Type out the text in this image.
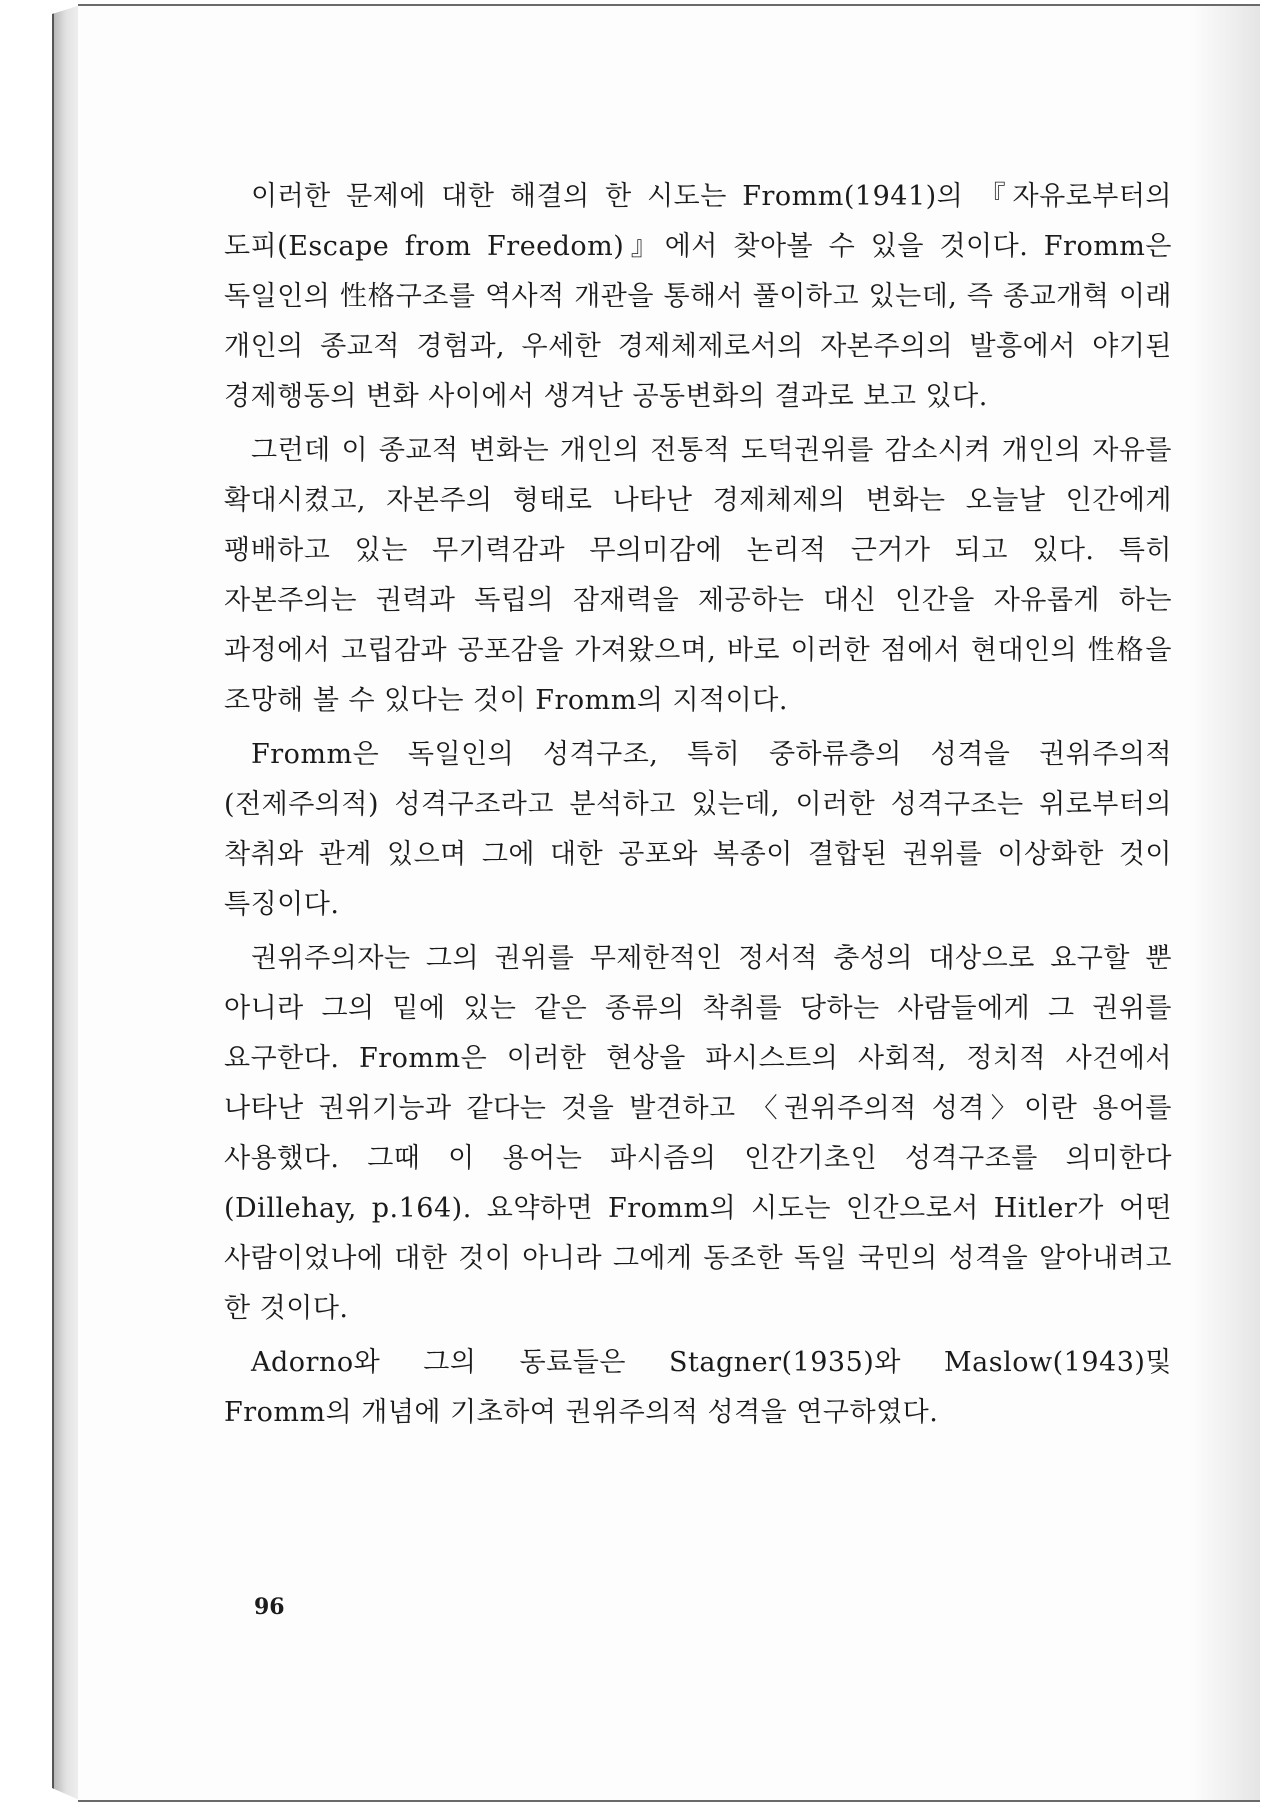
이러한 문제에 대한 해결의 한 시도는 Fromm(1941)의 『자유로부터의 도피(Escape from Freedom)』에서 찾아볼 수 있을 것이다. Fromm은 독일인의 性格구조를 역사적 개관을 통해서 풀이하고 있는데, 즉 종교개혁 이래 개인의 종교적 경험과, 우세한 경제체제로서의 자본주의의 발흥에서 야기된 경제행동의 변화 사이에서 생겨난 공동변화의 결과로 보고 있다.

그런데 이 종교적 변화는 개인의 전통적 도덕권위를 감소시켜 개인의 자유를 확대시켰고, 자본주의 형태로 나타난 경제체제의 변화는 오늘날 인간에게 팽배하고 있는 무기력감과 무의미감에 논리적 근거가 되고 있다. 특히 자본주의는 권력과 독립의 잠재력을 제공하는 대신 인간을 자유롭게 하는 과정에서 고립감과 공포감을 가져왔으며, 바로 이러한 점에서 현대인의 性格을 조망해 볼 수 있다는 것이 Fromm의 지적이다.

Fromm은 독일인의 성격구조, 특히 중하류층의 성격을 권위주의적(전제주의적) 성격구조라고 분석하고 있는데, 이러한 성격구조는 위로부터의 착취와 관계 있으며 그에 대한 공포와 복종이 결합된 권위를 이상화한 것이 특징이다.

권위주의자는 그의 권위를 무제한적인 정서적 충성의 대상으로 요구할 뿐 아니라 그의 밑에 있는 같은 종류의 착취를 당하는 사람들에게 그 권위를 요구한다. Fromm은 이러한 현상을 파시스트의 사회적, 정치적 사건에서 나타난 권위기능과 같다는 것을 발견하고 〈권위주의적 성격〉이란 용어를 사용했다. 그때 이 용어는 파시즘의 인간기초인 성격구조를 의미한다(Dillehay, p.164). 요약하면 Fromm의 시도는 인간으로서 Hitler가 어떤 사람이었나에 대한 것이 아니라 그에게 동조한 독일 국민의 성격을 알아내려고 한 것이다.

Adorno와 그의 동료들은 Stagner(1935)와 Maslow(1943)및 Fromm의 개념에 기초하여 권위주의적 성격을 연구하였다.

96
